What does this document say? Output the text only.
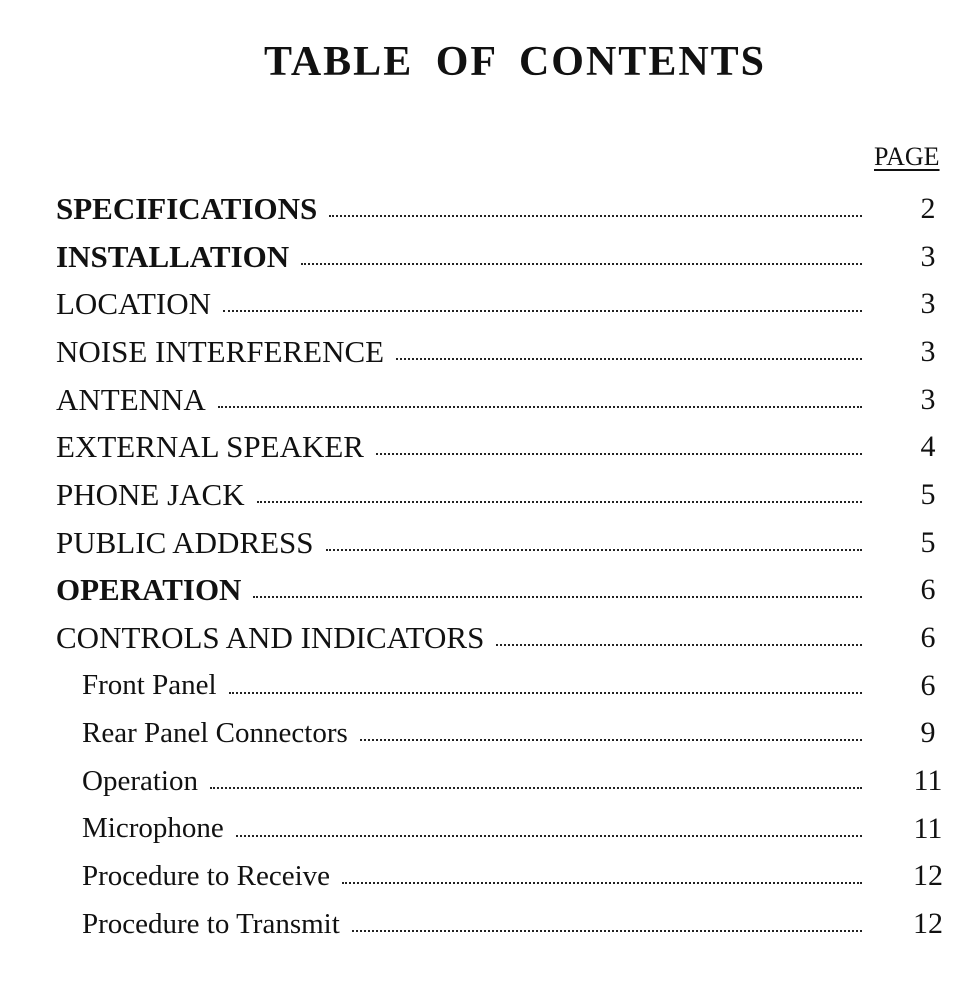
TABLE OF CONTENTS
PAGE
SPECIFICATIONS	2
INSTALLATION	3
LOCATION	3
NOISE INTERFERENCE	3
ANTENNA	3
EXTERNAL SPEAKER	4
PHONE JACK	5
PUBLIC ADDRESS	5
OPERATION	6
CONTROLS AND INDICATORS	6
Front Panel	6
Rear Panel Connectors	9
Operation	11
Microphone	11
Procedure to Receive	12
Procedure to Transmit	12
